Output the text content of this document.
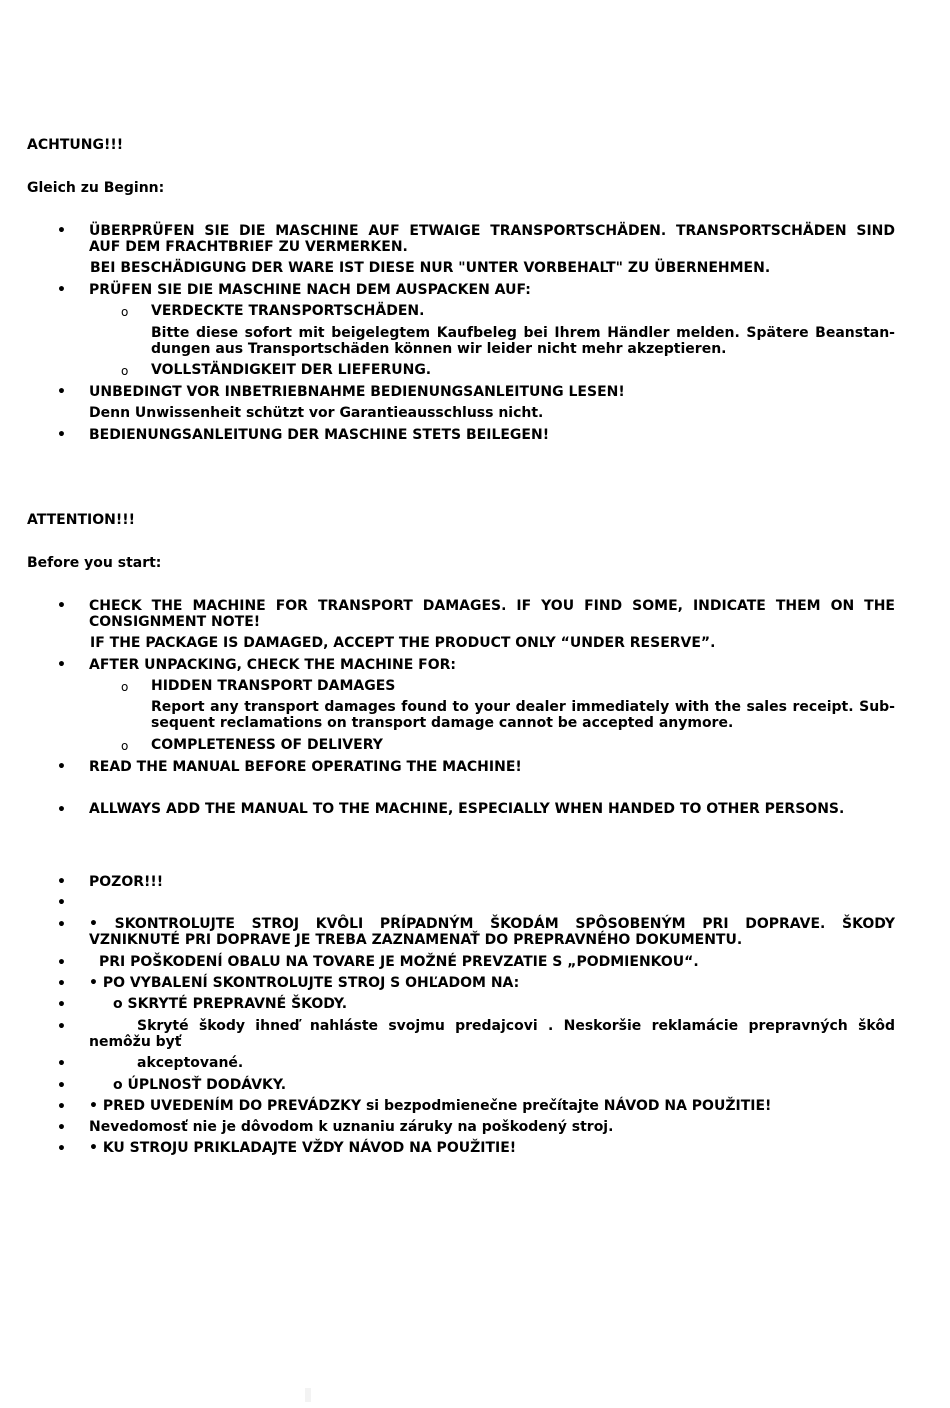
ACHTUNG!!!
Gleich zu Beginn:
• ÜBERPRÜFEN SIE DIE MASCHINE AUF ETWAIGE TRANSPORTSCHÄDEN. TRANSPORTSCHÄDEN SIND
AUF DEM FRACHTBRIEF ZU VERMERKEN.
BEI BESCHÄDIGUNG DER WARE IST DIESE NUR "UNTER VORBEHALT" ZU ÜBERNEHMEN.
• PRÜFEN SIE DIE MASCHINE NACH DEM AUSPACKEN AUF:
o VERDECKTE TRANSPORTSCHÄDEN.
Bitte diese sofort mit beigelegtem Kaufbeleg bei Ihrem Händler melden. Spätere Beanstan- dungen aus Transportschäden können wir leider nicht mehr akzeptieren.
o VOLLSTÄNDIGKEIT DER LIEFERUNG.
• UNBEDINGT VOR INBETRIEBNAHME BEDIENUNGSANLEITUNG LESEN!
Denn Unwissenheit schützt vor Garantieausschluss nicht.
• BEDIENUNGSANLEITUNG DER MASCHINE STETS BEILEGEN!
ATTENTION!!!
Before you start:
• CHECK THE MACHINE FOR TRANSPORT DAMAGES. IF YOU FIND SOME, INDICATE THEM ON THE
CONSIGNMENT NOTE!
IF THE PACKAGE IS DAMAGED, ACCEPT THE PRODUCT ONLY “UNDER RESERVE”.
• AFTER UNPACKING, CHECK THE MACHINE FOR:
o HIDDEN TRANSPORT DAMAGES
Report any transport damages found to your dealer immediately with the sales receipt. Sub- sequent reclamations on transport damage cannot be accepted anymore.
o COMPLETENESS OF DELIVERY
• READ THE MANUAL BEFORE OPERATING THE MACHINE!
• ALLWAYS ADD THE MANUAL TO THE MACHINE, ESPECIALLY WHEN HANDED TO OTHER PERSONS.
• POZOR!!!
•
• • SKONTROLUJTE STROJ KVÔLI PRÍPADNÝM ŠKODÁM SPÔSOBENÝM PRI DOPRAVE. ŠKODY
VZNIKNUTÉ PRI DOPRAVE JE TREBA ZAZNAMENAŤ DO PREPRAVNÉHO DOKUMENTU.
• PRI POŠKODENÍ OBALU NA TOVARE JE MOŽNÉ PREVZATIE S „PODMIENKOU“.
• • PO VYBALENÍ SKONTROLUJTE STROJ S OHĽADOM NA:
•	o SKRYTÉ PREPRAVNÉ ŠKODY.
•	Skryté škody ihneď nahláste svojmu predajcovi . Neskoršie reklamácie prepravných škôd
nemôžu byť
•	akceptované.
•	o ÚPLNOSŤ DODÁVKY.
• • PRED UVEDENÍM DO PREVÁDZKY si bezpodmienečne prečítajte NÁVOD NA POUŽITIE!
• Nevedomosť nie je dôvodom k uznaniu záruky na poškodený stroj.
• • KU STROJU PRIKLADAJTE VŽDY NÁVOD NA POUŽITIE!
